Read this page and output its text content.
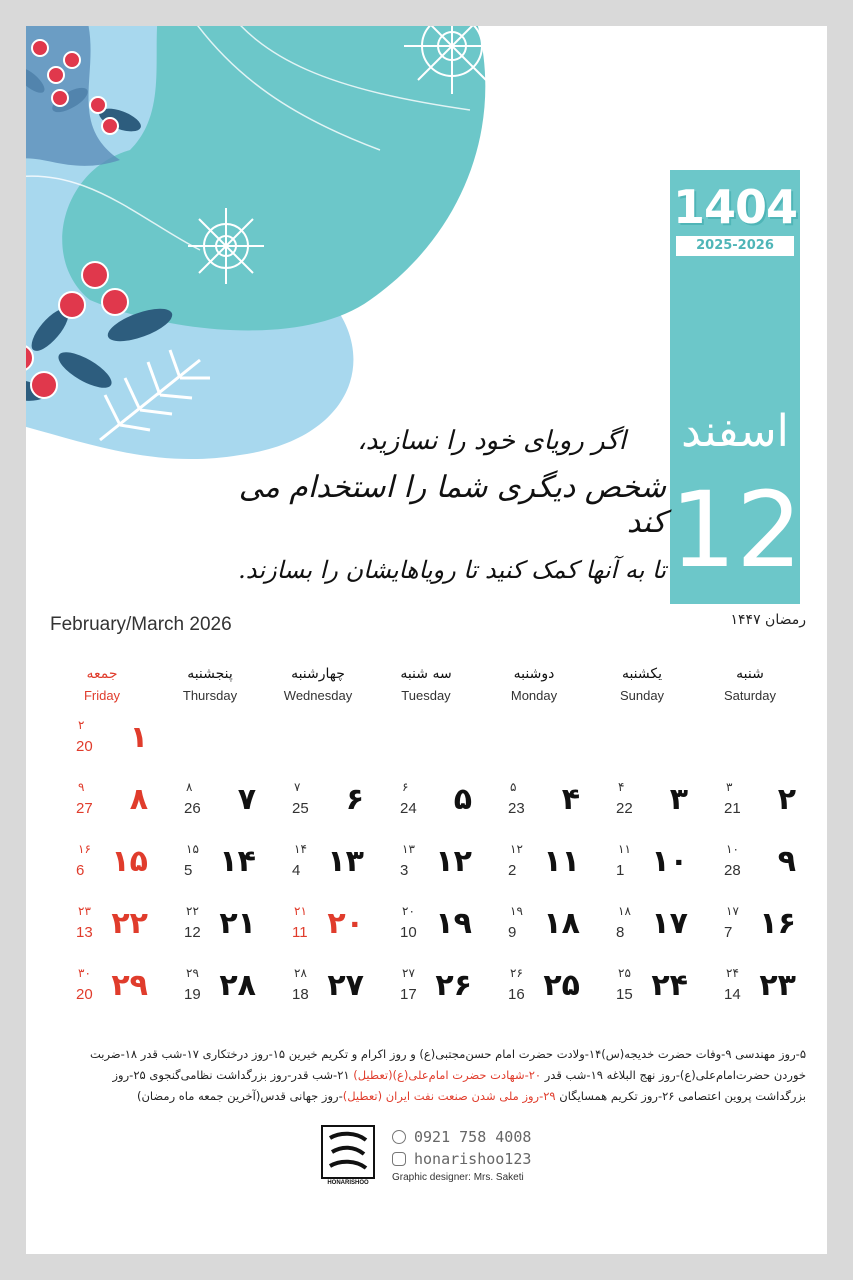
1404
2025-2026
اسفند
12
اگر رویای خود را نسازید،
شخص دیگری شما را استخدام می کند
تا به آنها کمک کنید تا رویاهایشان را بسازند.
رمضان ۱۴۴۷
February/March 2026
شنبه
Saturday
یکشنبه
Sunday
دوشنبه
Monday
سه شنبه
Tuesday
چهارشنبه
Wednesday
پنجشنبه
Thursday
جمعه
Friday
۱
۲
20
۲
۳
21
۳
۴
22
۴
۵
23
۵
۶
24
۶
۷
25
۷
۸
26
۸
۹
27
۹
۱۰
28
۱۰
۱۱
1
۱۱
۱۲
2
۱۲
۱۳
3
۱۳
۱۴
4
۱۴
۱۵
5
۱۵
۱۶
6
۱۶
۱۷
7
۱۷
۱۸
8
۱۸
۱۹
9
۱۹
۲۰
10
۲۰
۲۱
11
۲۱
۲۲
12
۲۲
۲۳
13
۲۳
۲۴
14
۲۴
۲۵
15
۲۵
۲۶
16
۲۶
۲۷
17
۲۷
۲۸
18
۲۸
۲۹
19
۲۹
۳۰
20
۵-روز مهندسی ۹-وفات حضرت خدیجه(س)۱۴-ولادت حضرت امام حسن‌مجتبی(ع) و روز اکرام و تکریم خیرین ۱۵-روز درختکاری ۱۷-شب قدر ۱۸-ضربت
خوردن حضرت‌امام‌علی(ع)-روز نهج البلاغه ۱۹-شب قدر ۲۰-شهادت حضرت امام‌علی(ع)(تعطیل) ۲۱-شب قدر-روز بزرگداشت نظامی‌گنجوی ۲۵-روز
بزرگداشت پروین اعتصامی ۲۶-روز تکریم همسایگان ۲۹-روز ملی شدن صنعت نفت ایران (تعطیل)-روز جهانی قدس(آخرین جمعه ماه رمضان)
HONARISHOO
0921 758 4008
honarishoo123
Graphic designer: Mrs. Saketi
